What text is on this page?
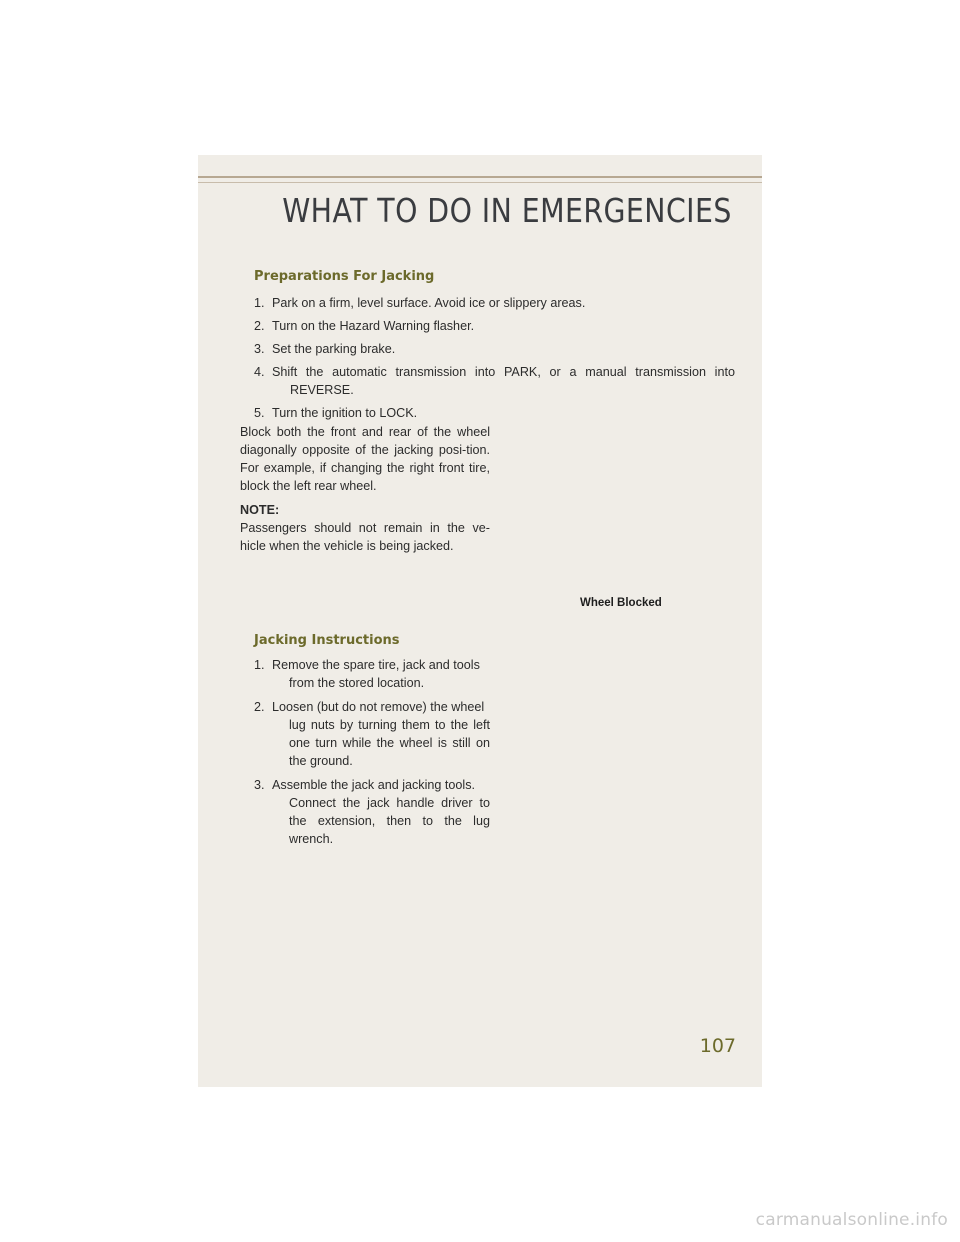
WHAT TO DO IN EMERGENCIES
Preparations For Jacking
1. Park on a firm, level surface. Avoid ice or slippery areas.
2. Turn on the Hazard Warning flasher.
3. Set the parking brake.
4. Shift the automatic transmission into PARK, or a manual transmission into
REVERSE.
5. Turn the ignition to LOCK.
Block both the front and rear of the wheel diagonally opposite of the jacking posi-tion. For example, if changing the right front tire, block the left rear wheel.
NOTE:
Passengers should not remain in the ve-hicle when the vehicle is being jacked.
Wheel Blocked
Jacking Instructions
1. Remove the spare tire, jack and tools
from the stored location.
2. Loosen (but do not remove) the wheel
lug nuts by turning them to the left one turn while the wheel is still on the ground.
3. Assemble the jack and jacking tools.
Connect the jack handle driver to the extension, then to the lug wrench.
107
carmanualsonline.info
